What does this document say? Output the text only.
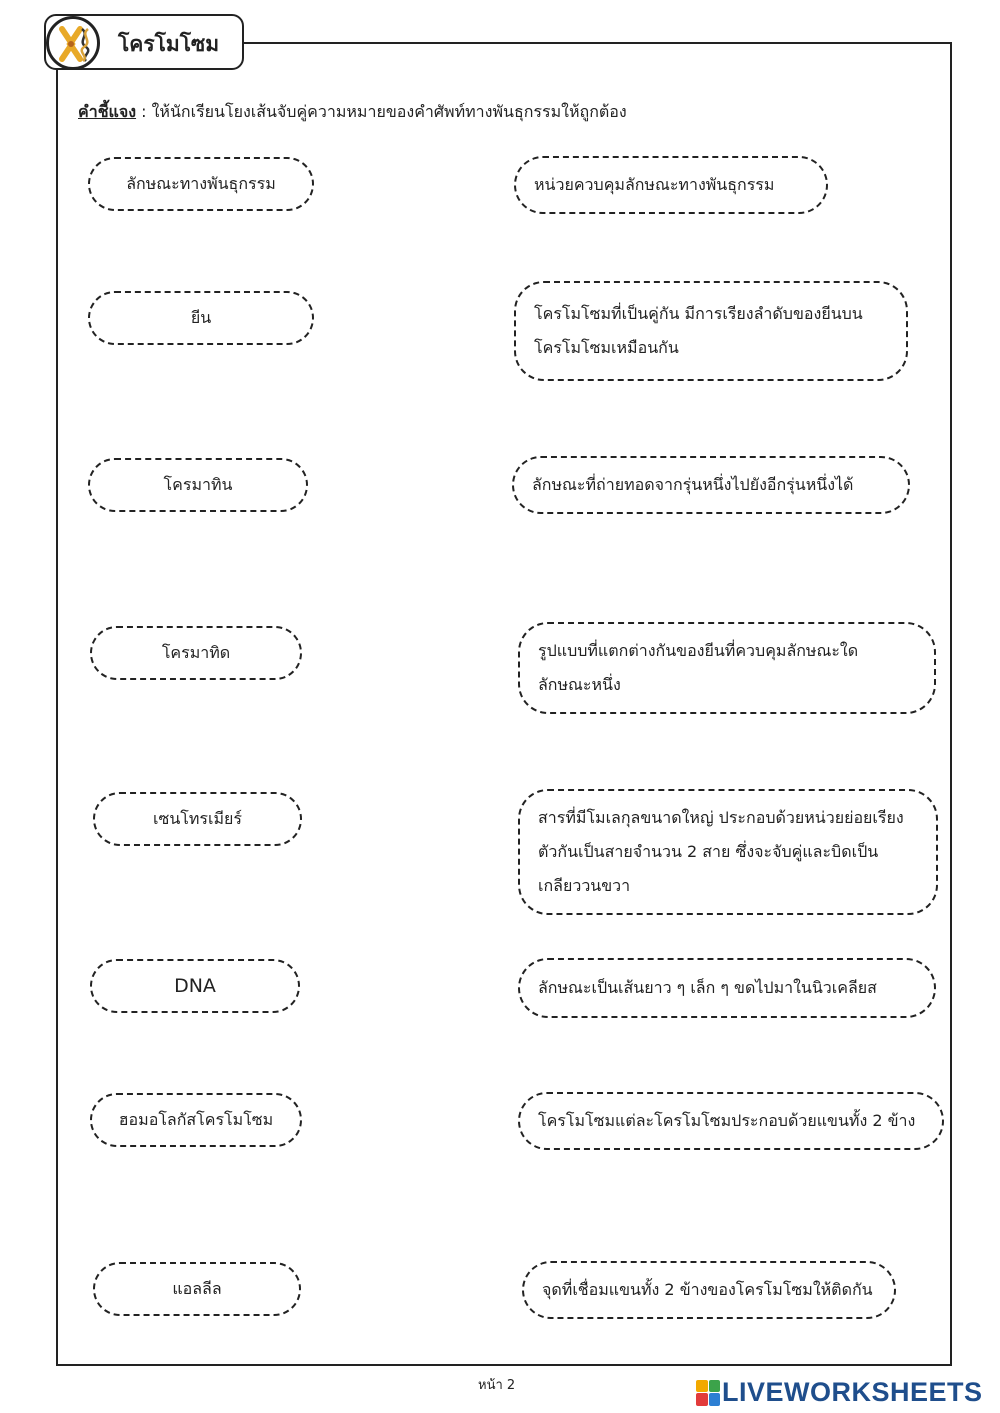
โครโมโซม
คำชี้แจง : ให้นักเรียนโยงเส้นจับคู่ความหมายของคำศัพท์ทางพันธุกรรมให้ถูกต้อง
ลักษณะทางพันธุกรรม
ยีน
โครมาทิน
โครมาทิด
เซนโทรเมียร์
DNA
ฮอมอโลกัสโครโมโซม
แอลลีล
หน่วยควบคุมลักษณะทางพันธุกรรม
โครโมโซมที่เป็นคู่กัน มีการเรียงลำดับของยีนบน
โครโมโซมเหมือนกัน
ลักษณะที่ถ่ายทอดจากรุ่นหนึ่งไปยังอีกรุ่นหนึ่งได้
รูปแบบที่แตกต่างกันของยีนที่ควบคุมลักษณะใด
ลักษณะหนึ่ง
สารที่มีโมเลกุลขนาดใหญ่ ประกอบด้วยหน่วยย่อยเรียง
ตัวกันเป็นสายจำนวน 2 สาย ซึ่งจะจับคู่และบิดเป็น
เกลียววนขวา
ลักษณะเป็นเส้นยาว ๆ เล็ก ๆ ขดไปมาในนิวเคลียส
โครโมโซมแต่ละโครโมโซมประกอบด้วยแขนทั้ง 2 ข้าง
จุดที่เชื่อมแขนทั้ง 2 ข้างของโครโมโซมให้ติดกัน
หน้า 2	LIVEWORKSHEETS
